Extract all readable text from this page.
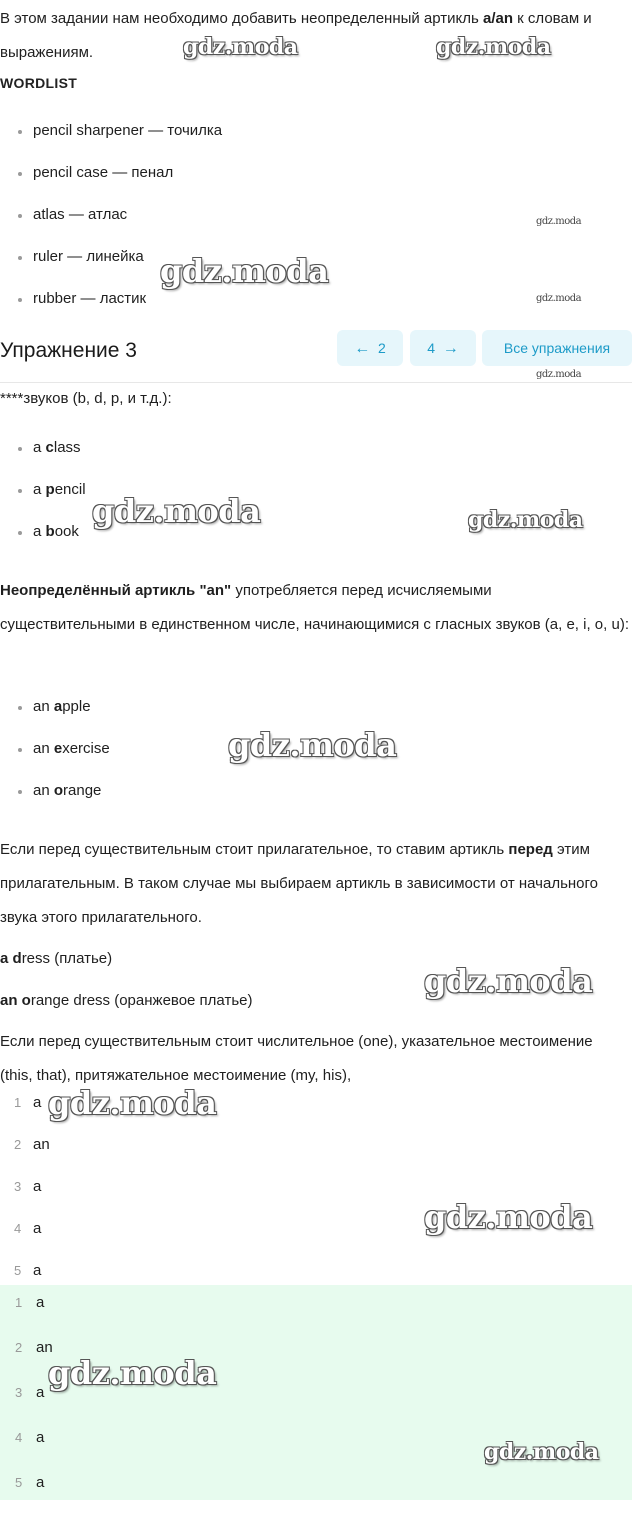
В этом задании нам необходимо добавить неопределенный артикль a/an к словам и выражениям.

WORDLIST
pencil sharpener — точилка
pencil case — пенал
atlas — атлас
ruler — линейка
rubber — ластик
Упражнение 3	← 2	4 →	Все упражнения

****звуков (b, d, p, и т.д.):

a class
a pencil
a book

Неопределённый артикль "an" употребляется перед исчисляемыми существительными в единственном числе, начинающимися с гласных звуков (a, e, i, o, u):

an apple
an exercise
an orange

Если перед существительным стоит прилагательное, то ставим артикль перед этим прилагательным. В таком случае мы выбираем артикль в зависимости от начального звука этого прилагательного.

a dress (платье)

an orange dress (оранжевое платье)

Если перед существительным стоит числительное (one), указательное местоимение (this, that), притяжательное местоимение (my, his),

1 a
2 an
3 a
4 a
5 a
1 a
2 an
3 a
4 a
5 a
gdz.moda	gdz.moda
gdz.moda
gdz.moda
gdz.moda
gdz.moda
gdz.moda	gdz.moda
gdz.moda
gdz.moda
gdz.moda
gdz.moda
gdz.moda
gdz.moda
